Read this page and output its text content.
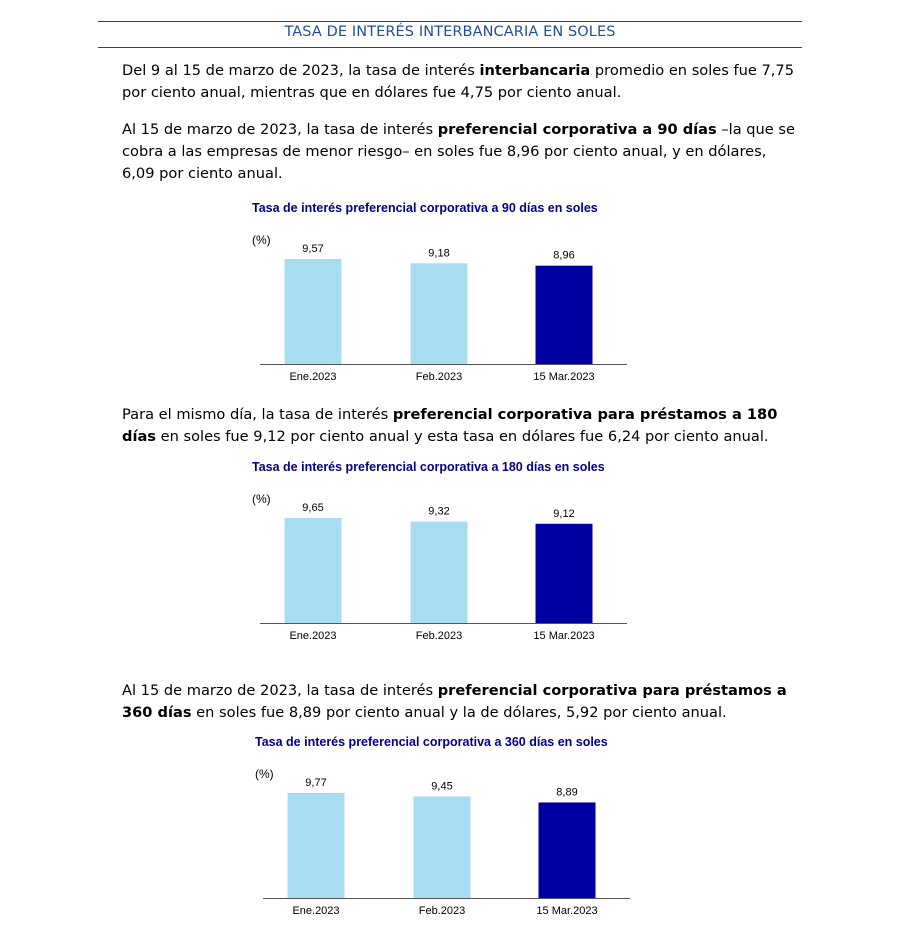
TASA DE INTERÉS INTERBANCARIA EN SOLES

Del 9 al 15 de marzo de 2023, la tasa de interés interbancaria promedio en soles fue 7,75 por ciento anual, mientras que en dólares fue 4,75 por ciento anual.

Al 15 de marzo de 2023, la tasa de interés preferencial corporativa a 90 días –la que se cobra a las empresas de menor riesgo– en soles fue 8,96 por ciento anual, y en dólares, 6,09 por ciento anual.

Tasa de interés preferencial corporativa a 90 días en soles
(%)
9,57
Ene.2023
9,18
Feb.2023
8,96
15 Mar.2023

Para el mismo día, la tasa de interés preferencial corporativa para préstamos a 180 días en soles fue 9,12 por ciento anual y esta tasa en dólares fue 6,24 por ciento anual.

Tasa de interés preferencial corporativa a 180 días en soles
(%)
9,65
Ene.2023
9,32
Feb.2023
9,12
15 Mar.2023

Al 15 de marzo de 2023, la tasa de interés preferencial corporativa para préstamos a 360 días en soles fue 8,89 por ciento anual y la de dólares, 5,92 por ciento anual.

Tasa de interés preferencial corporativa a 360 días en soles
(%)
9,77
Ene.2023
9,45
Feb.2023
8,89
15 Mar.2023
